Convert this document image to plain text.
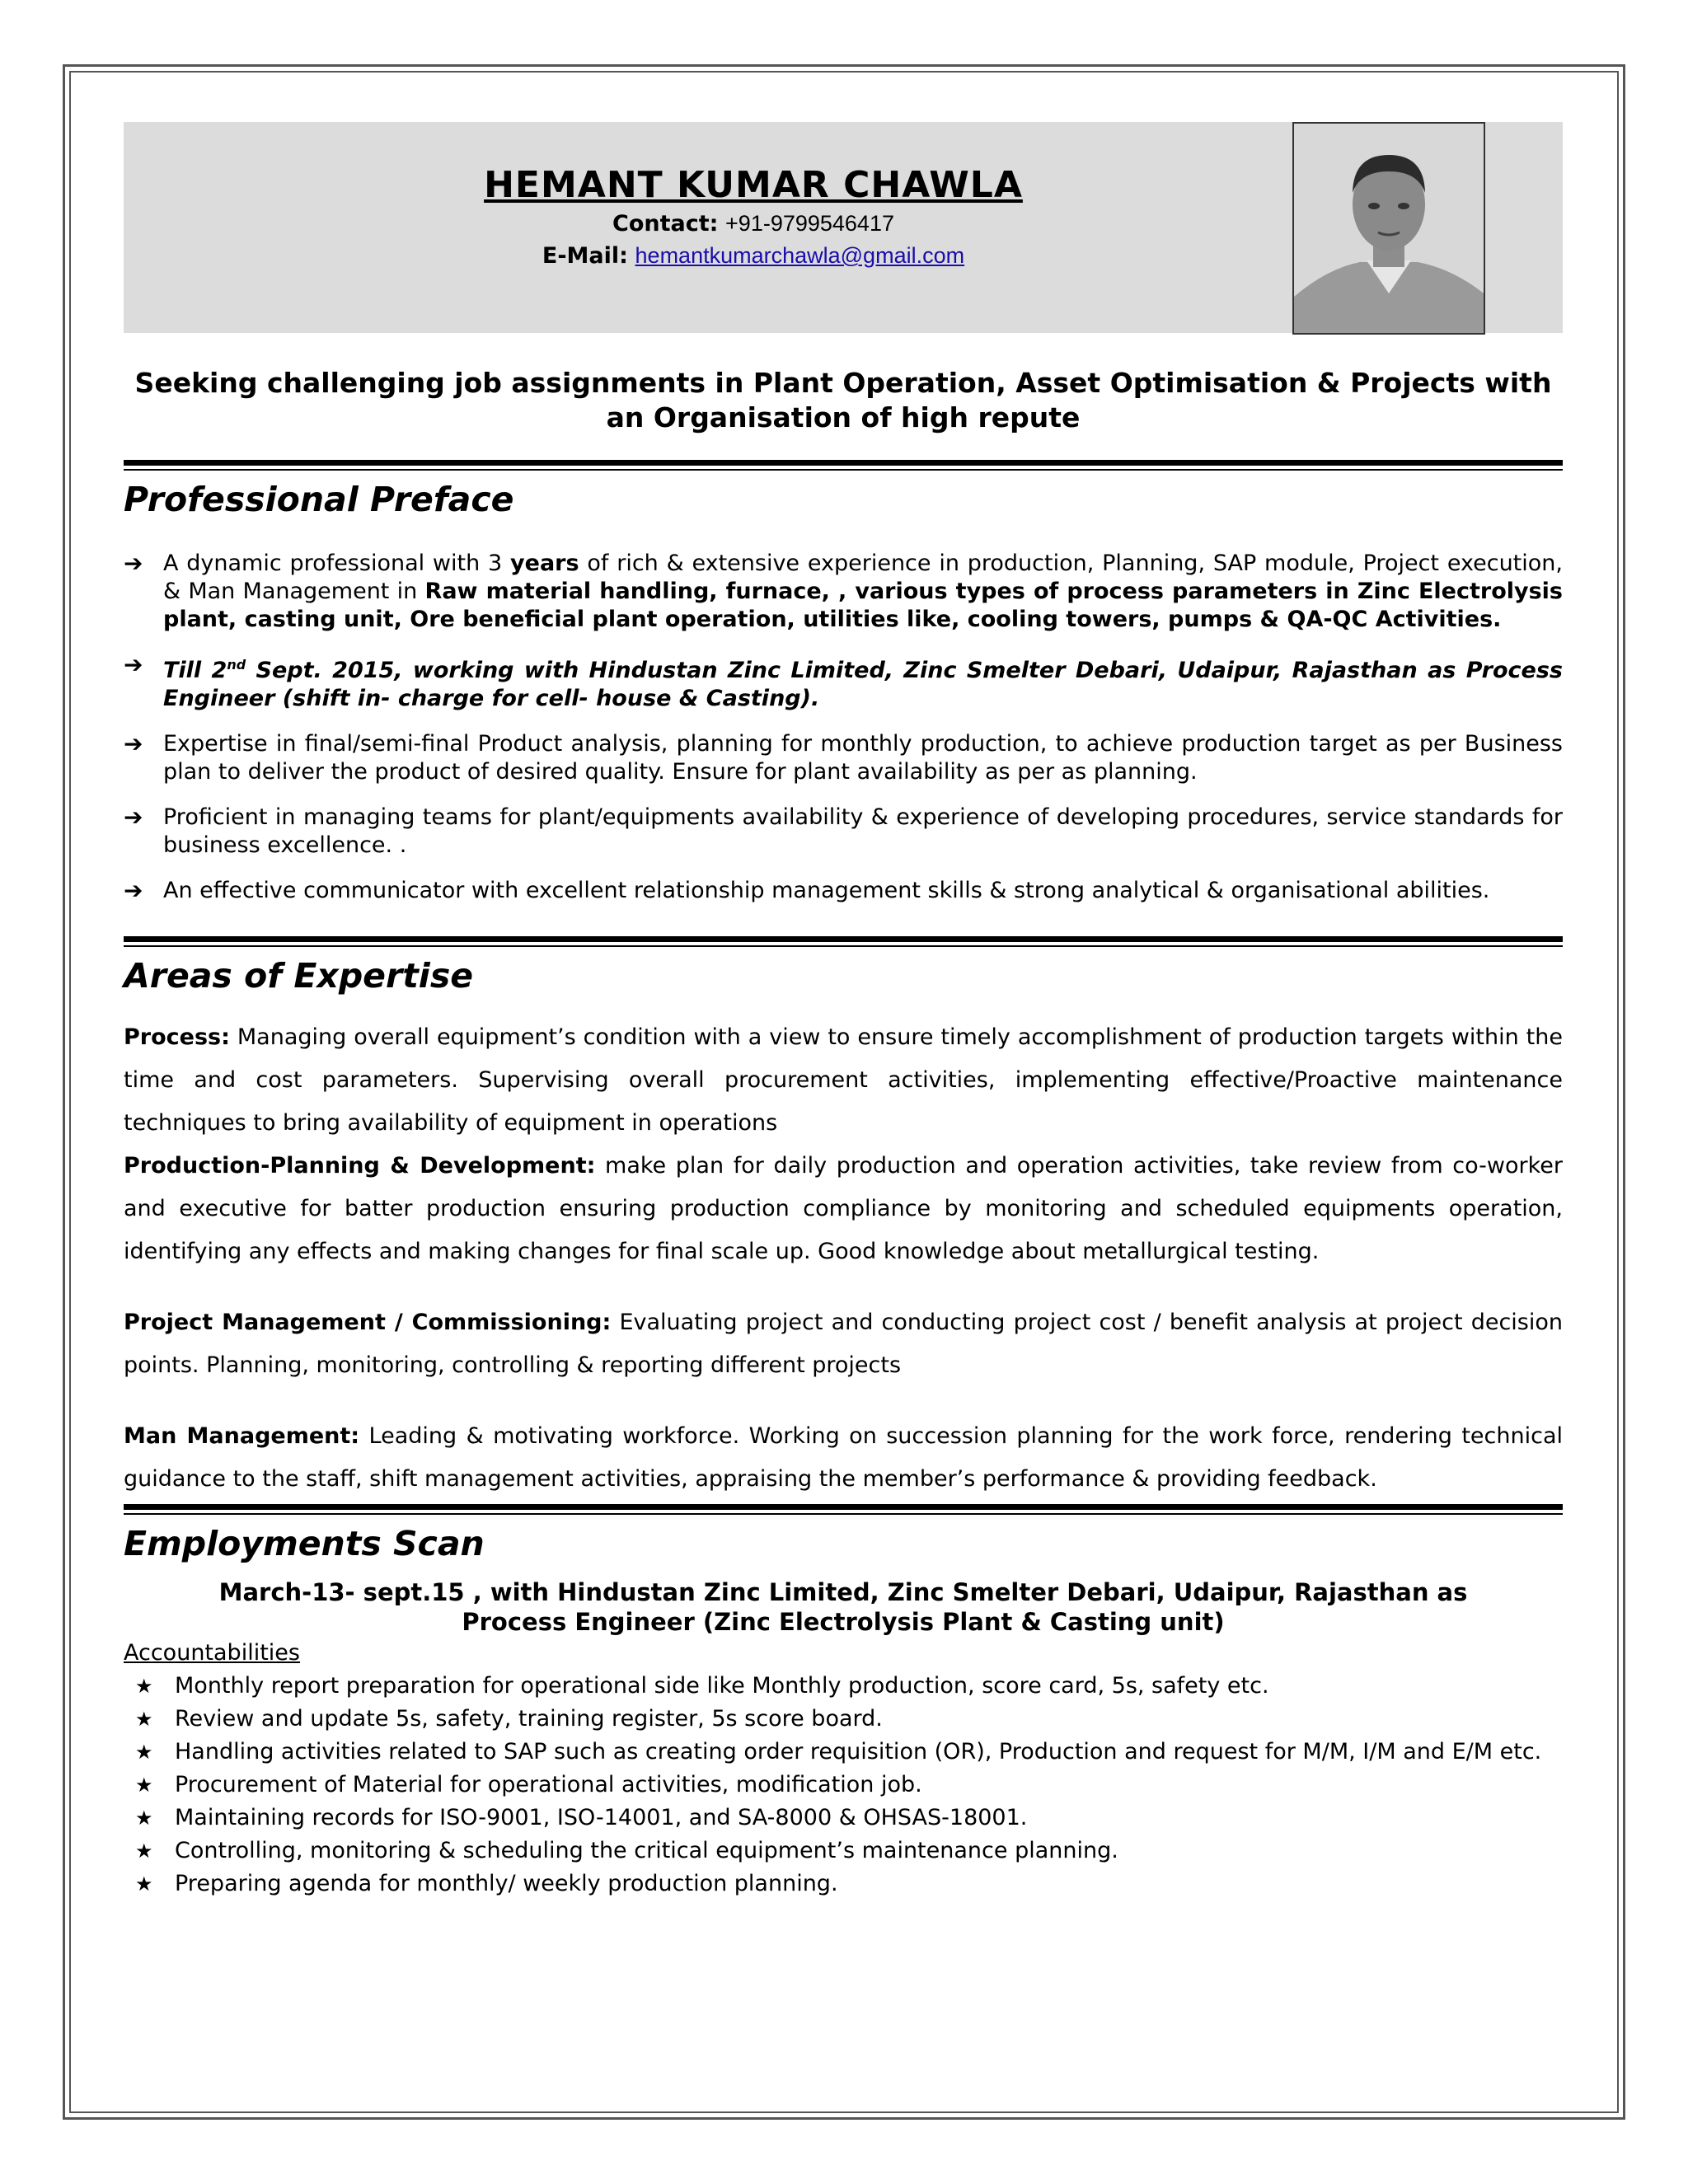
HEMANT KUMAR CHAWLA
Contact: +91-9799546417
E-Mail: hemantkumarchawla@gmail.com
Seeking challenging job assignments in Plant Operation, Asset Optimisation & Projects with
an Organisation of high repute
Professional Preface
➔ A dynamic professional with 3 years of rich & extensive experience in production, Planning, SAP module, Project execution, & Man Management in Raw material handling, furnace, , various types of process parameters in Zinc Electrolysis plant, casting unit, Ore beneficial plant operation, utilities like, cooling towers, pumps & QA-QC Activities.
➔ Till 2nd Sept. 2015, working with Hindustan Zinc Limited, Zinc Smelter Debari, Udaipur, Rajasthan as Process Engineer (shift in- charge for cell- house & Casting).
➔ Expertise in final/semi-final Product analysis, planning for monthly production, to achieve production target as per Business plan to deliver the product of desired quality. Ensure for plant availability as per as planning.
➔ Proficient in managing teams for plant/equipments availability & experience of developing procedures, service standards for business excellence. .
➔ An effective communicator with excellent relationship management skills & strong analytical & organisational abilities.
Areas of Expertise
Process: Managing overall equipment’s condition with a view to ensure timely accomplishment of production targets within the time and cost parameters. Supervising overall procurement activities, implementing effective/Proactive maintenance techniques to bring availability of equipment in operations
Production-Planning & Development: make plan for daily production and operation activities, take review from co-worker and executive for batter production ensuring production compliance by monitoring and scheduled equipments operation, identifying any effects and making changes for final scale up. Good knowledge about metallurgical testing.
Project Management / Commissioning: Evaluating project and conducting project cost / benefit analysis at project decision points. Planning, monitoring, controlling & reporting different projects
Man Management: Leading & motivating workforce. Working on succession planning for the work force, rendering technical guidance to the staff, shift management activities, appraising the member’s performance & providing feedback.
Employments Scan
March-13- sept.15 , with Hindustan Zinc Limited, Zinc Smelter Debari, Udaipur, Rajasthan as Process Engineer (Zinc Electrolysis Plant & Casting unit)
Accountabilities
★ Monthly report preparation for operational side like Monthly production, score card, 5s, safety etc.
★ Review and update 5s, safety, training register, 5s score board.
★ Handling activities related to SAP such as creating order requisition (OR), Production and request for M/M, I/M and E/M etc.
★ Procurement of Material for operational activities, modification job.
★ Maintaining records for ISO-9001, ISO-14001, and SA-8000 & OHSAS-18001.
★ Controlling, monitoring & scheduling the critical equipment’s maintenance planning.
★ Preparing agenda for monthly/ weekly production planning.
